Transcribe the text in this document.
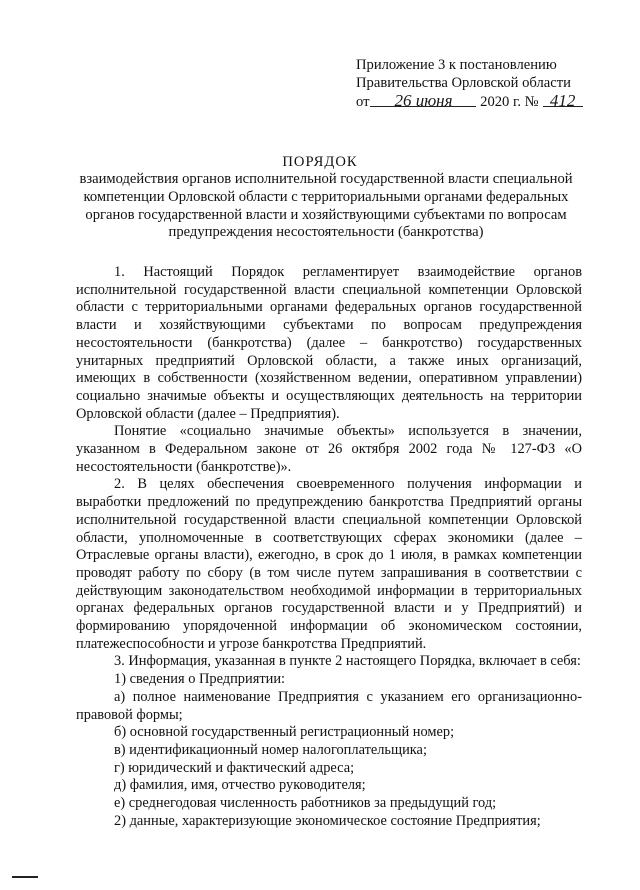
Приложение 3 к постановлению
Правительства Орловской области
от 26 июня 2020 г. № 412
ПОРЯДОК
взаимодействия органов исполнительной государственной власти специальной компетенции Орловской области с территориальными органами федеральных органов государственной власти и хозяйствующими субъектами по вопросам предупреждения несостоятельности (банкротства)

1. Настоящий Порядок регламентирует взаимодействие органов исполнительной государственной власти специальной компетенции Орловской области с территориальными органами федеральных органов государственной власти и хозяйствующими субъектами по вопросам предупреждения несостоятельности (банкротства) (далее – банкротство) государственных унитарных предприятий Орловской области, а также иных организаций, имеющих в собственности (хозяйственном ведении, оперативном управлении) социально значимые объекты и осуществляющих деятельность на территории Орловской области (далее – Предприятия).

Понятие «социально значимые объекты» используется в значении, указанном в Федеральном законе от 26 октября 2002 года № 127-ФЗ «О несостоятельности (банкротстве)».

2. В целях обеспечения своевременного получения информации и выработки предложений по предупреждению банкротства Предприятий органы исполнительной государственной власти специальной компетенции Орловской области, уполномоченные в соответствующих сферах экономики (далее – Отраслевые органы власти), ежегодно, в срок до 1 июля, в рамках компетенции проводят работу по сбору (в том числе путем запрашивания в соответствии с действующим законодательством необходимой информации в территориальных органах федеральных органов государственной власти и у Предприятий) и формированию упорядоченной информации об экономическом состоянии, платежеспособности и угрозе банкротства Предприятий.

3. Информация, указанная в пункте 2 настоящего Порядка, включает в себя:

1) сведения о Предприятии:

а) полное наименование Предприятия с указанием его организационно-правовой формы;

б) основной государственный регистрационный номер;

в) идентификационный номер налогоплательщика;

г) юридический и фактический адреса;

д) фамилия, имя, отчество руководителя;

е) среднегодовая численность работников за предыдущий год;

2) данные, характеризующие экономическое состояние Предприятия;
